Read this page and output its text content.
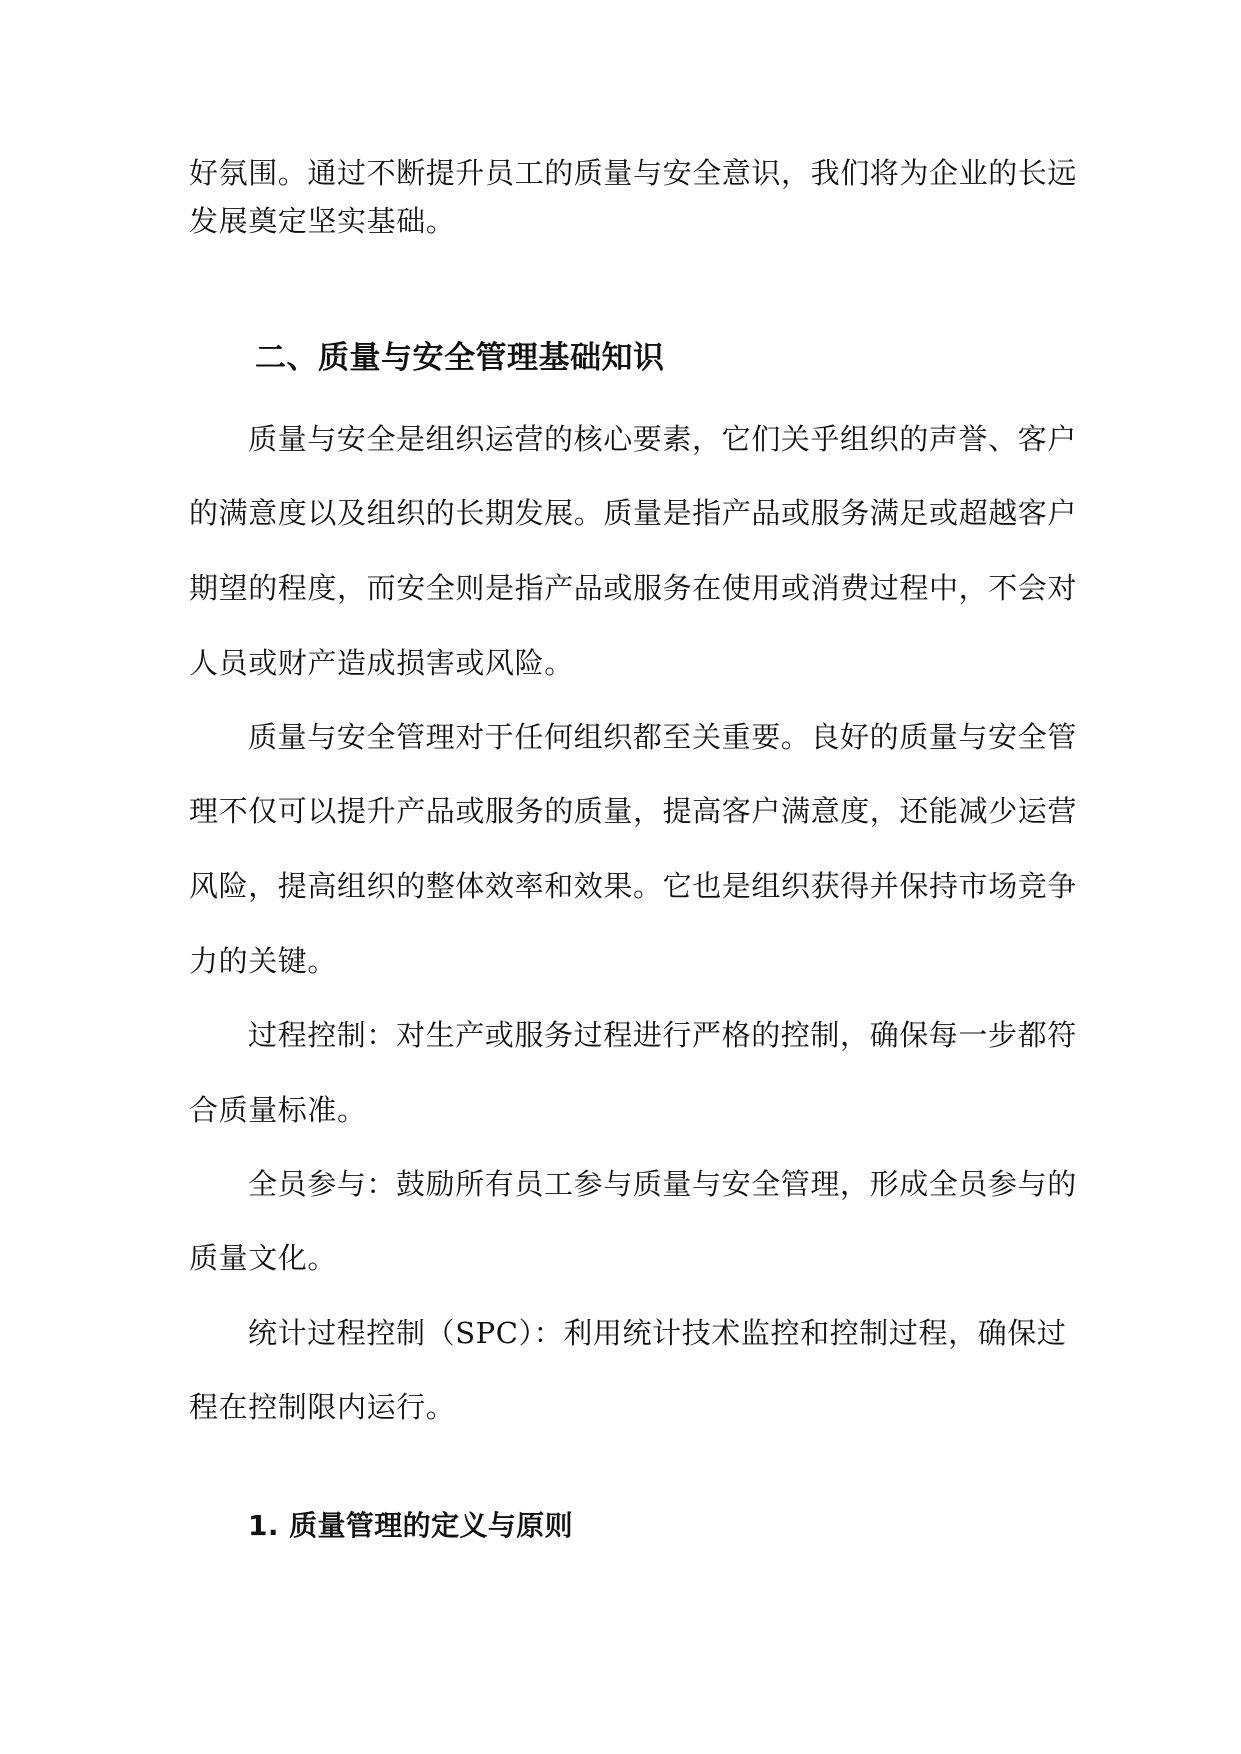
好氛围。通过不断提升员工的质量与安全意识，我们将为企业的长远
发展奠定坚实基础。
二、质量与安全管理基础知识
质量与安全是组织运营的核心要素，它们关乎组织的声誉、客户
的满意度以及组织的长期发展。质量是指产品或服务满足或超越客户
期望的程度，而安全则是指产品或服务在使用或消费过程中，不会对
人员或财产造成损害或风险。
质量与安全管理对于任何组织都至关重要。良好的质量与安全管
理不仅可以提升产品或服务的质量，提高客户满意度，还能减少运营
风险，提高组织的整体效率和效果。它也是组织获得并保持市场竞争
力的关键。
过程控制：对生产或服务过程进行严格的控制，确保每一步都符
合质量标准。
全员参与：鼓励所有员工参与质量与安全管理，形成全员参与的
质量文化。
统计过程控制（SPC）：利用统计技术监控和控制过程，确保过
程在控制限内运行。
1. 质量管理的定义与原则
